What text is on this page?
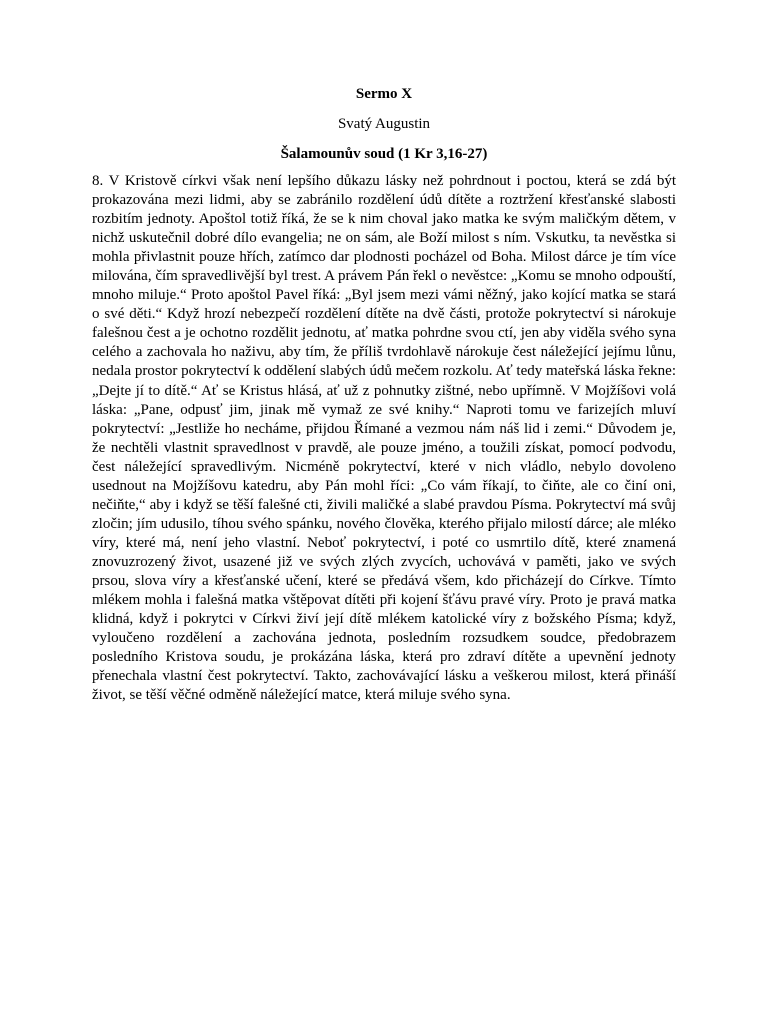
Sermo X
Svatý Augustin
Šalamounův soud (1 Kr 3,16-27)

8. V Kristově církvi však není lepšího důkazu lásky než pohrdnout i poctou, která se zdá být prokazována mezi lidmi, aby se zabránilo rozdělení údů dítěte a roztržení křesťanské slabosti rozbitím jednoty. Apoštol totiž říká, že se k nim choval jako matka ke svým maličkým dětem, v nichž uskutečnil dobré dílo evangelia; ne on sám, ale Boží milost s ním. Vskutku, ta nevěstka si mohla přivlastnit pouze hřích, zatímco dar plodnosti pocházel od Boha. Milost dárce je tím více milována, čím spravedlivější byl trest. A právem Pán řekl o nevěstce: „Komu se mnoho odpouští, mnoho miluje.“ Proto apoštol Pavel říká: „Byl jsem mezi vámi něžný, jako kojící matka se stará o své děti.“ Když hrozí nebezpečí rozdělení dítěte na dvě části, protože pokrytectví si nárokuje falešnou čest a je ochotno rozdělit jednotu, ať matka pohrdne svou ctí, jen aby viděla svého syna celého a zachovala ho naživu, aby tím, že příliš tvrdohlavě nárokuje čest náležející jejímu lůnu, nedala prostor pokrytectví k oddělení slabých údů mečem rozkolu. Ať tedy mateřská láska řekne: „Dejte jí to dítě.“ Ať se Kristus hlásá, ať už z pohnutky zištné, nebo upřímně. V Mojžíšovi volá láska: „Pane, odpusť jim, jinak mě vymaž ze své knihy.“ Naproti tomu ve farizejích mluví pokrytectví: „Jestliže ho necháme, přijdou Římané a vezmou nám náš lid i zemi.“ Důvodem je, že nechtěli vlastnit spravedlnost v pravdě, ale pouze jméno, a toužili získat, pomocí podvodu, čest náležející spravedlivým. Nicméně pokrytectví, které v nich vládlo, nebylo dovoleno usednout na Mojžíšovu katedru, aby Pán mohl říci: „Co vám říkají, to čiňte, ale co činí oni, nečiňte,“ aby i když se těší falešné cti, živili maličké a slabé pravdou Písma. Pokrytectví má svůj zločin; jím udusilo, tíhou svého spánku, nového člověka, kterého přijalo milostí dárce; ale mléko víry, které má, není jeho vlastní. Neboť pokrytectví, i poté co usmrtilo dítě, které znamená znovuzrozený život, usazené již ve svých zlých zvycích, uchovává v paměti, jako ve svých prsou, slova víry a křesťanské učení, které se předává všem, kdo přicházejí do Církve. Tímto mlékem mohla i falešná matka vštěpovat dítěti při kojení šťávu pravé víry. Proto je pravá matka klidná, když i pokrytci v Církvi živí její dítě mlékem katolické víry z božského Písma; když, vyloučeno rozdělení a zachována jednota, posledním rozsudkem soudce, předobrazem posledního Kristova soudu, je prokázána láska, která pro zdraví dítěte a upevnění jednoty přenechala vlastní čest pokrytectví. Takto, zachovávající lásku a veškerou milost, která přináší život, se těší věčné odměně náležející matce, která miluje svého syna.
